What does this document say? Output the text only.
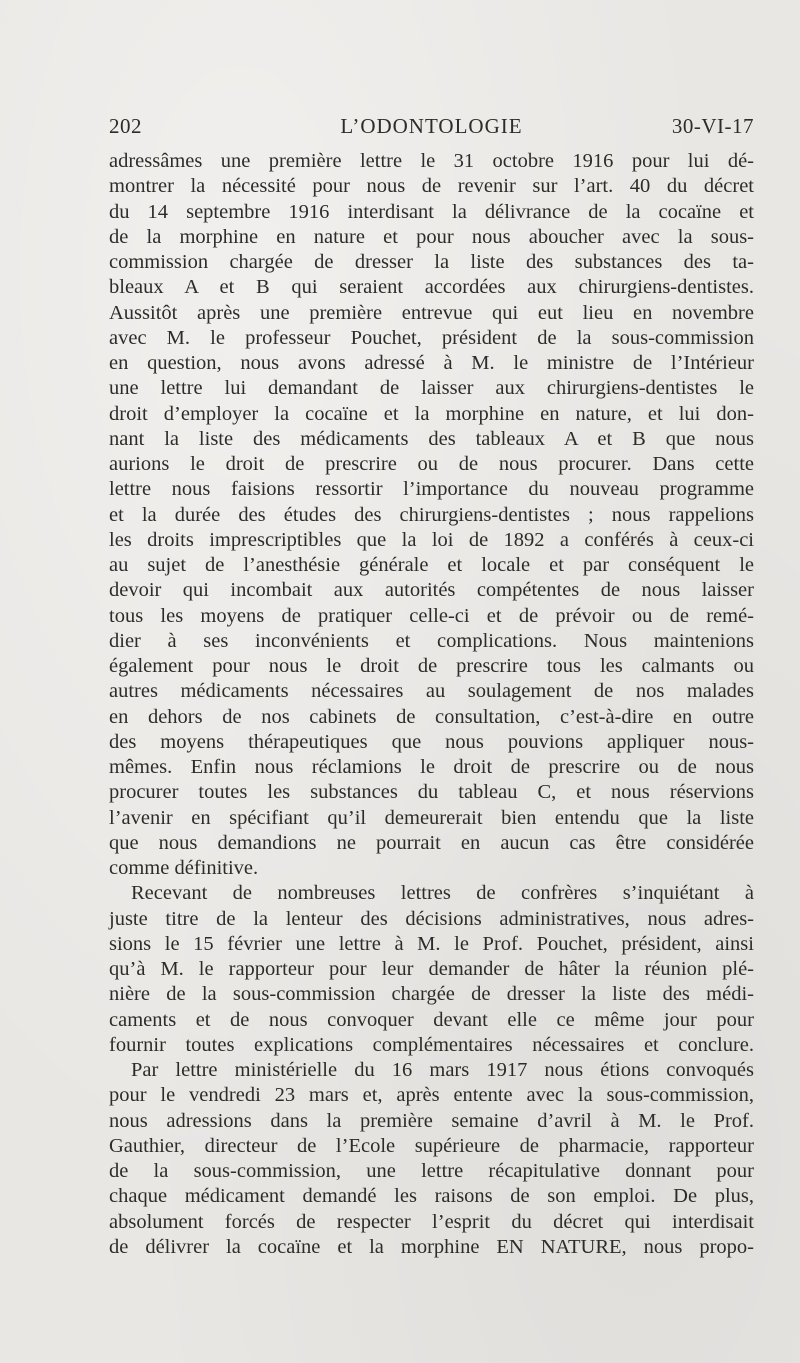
202	L’ODONTOLOGIE	30-VI-17
adressâmes une première lettre le 31 octobre 1916 pour lui dé-
montrer la nécessité pour nous de revenir sur l’art. 40 du décret
du 14 septembre 1916 interdisant la délivrance de la cocaïne et
de la morphine en nature et pour nous aboucher avec la sous-
commission chargée de dresser la liste des substances des ta-
bleaux A et B qui seraient accordées aux chirurgiens-dentistes.
Aussitôt après une première entrevue qui eut lieu en novembre
avec M. le professeur Pouchet, président de la sous-commission
en question, nous avons adressé à M. le ministre de l’Intérieur
une lettre lui demandant de laisser aux chirurgiens-dentistes le
droit d’employer la cocaïne et la morphine en nature, et lui don-
nant la liste des médicaments des tableaux A et B que nous
aurions le droit de prescrire ou de nous procurer. Dans cette
lettre nous faisions ressortir l’importance du nouveau programme
et la durée des études des chirurgiens-dentistes ; nous rappelions
les droits imprescriptibles que la loi de 1892 a conférés à ceux-ci
au sujet de l’anesthésie générale et locale et par conséquent le
devoir qui incombait aux autorités compétentes de nous laisser
tous les moyens de pratiquer celle-ci et de prévoir ou de remé-
dier à ses inconvénients et complications. Nous maintenions
également pour nous le droit de prescrire tous les calmants ou
autres médicaments nécessaires au soulagement de nos malades
en dehors de nos cabinets de consultation, c’est-à-dire en outre
des moyens thérapeutiques que nous pouvions appliquer nous-
mêmes. Enfin nous réclamions le droit de prescrire ou de nous
procurer toutes les substances du tableau C, et nous réservions
l’avenir en spécifiant qu’il demeurerait bien entendu que la liste
que nous demandions ne pourrait en aucun cas être considérée
comme définitive.
Recevant de nombreuses lettres de confrères s’inquiétant à
juste titre de la lenteur des décisions administratives, nous adres-
sions le 15 février une lettre à M. le Prof. Pouchet, président, ainsi
qu’à M. le rapporteur pour leur demander de hâter la réunion plé-
nière de la sous-commission chargée de dresser la liste des médi-
caments et de nous convoquer devant elle ce même jour pour
fournir toutes explications complémentaires nécessaires et conclure.
Par lettre ministérielle du 16 mars 1917 nous étions convoqués
pour le vendredi 23 mars et, après entente avec la sous-commission,
nous adressions dans la première semaine d’avril à M. le Prof.
Gauthier, directeur de l’Ecole supérieure de pharmacie, rapporteur
de la sous-commission, une lettre récapitulative donnant pour
chaque médicament demandé les raisons de son emploi. De plus,
absolument forcés de respecter l’esprit du décret qui interdisait
de délivrer la cocaïne et la morphine EN NATURE, nous propo-
